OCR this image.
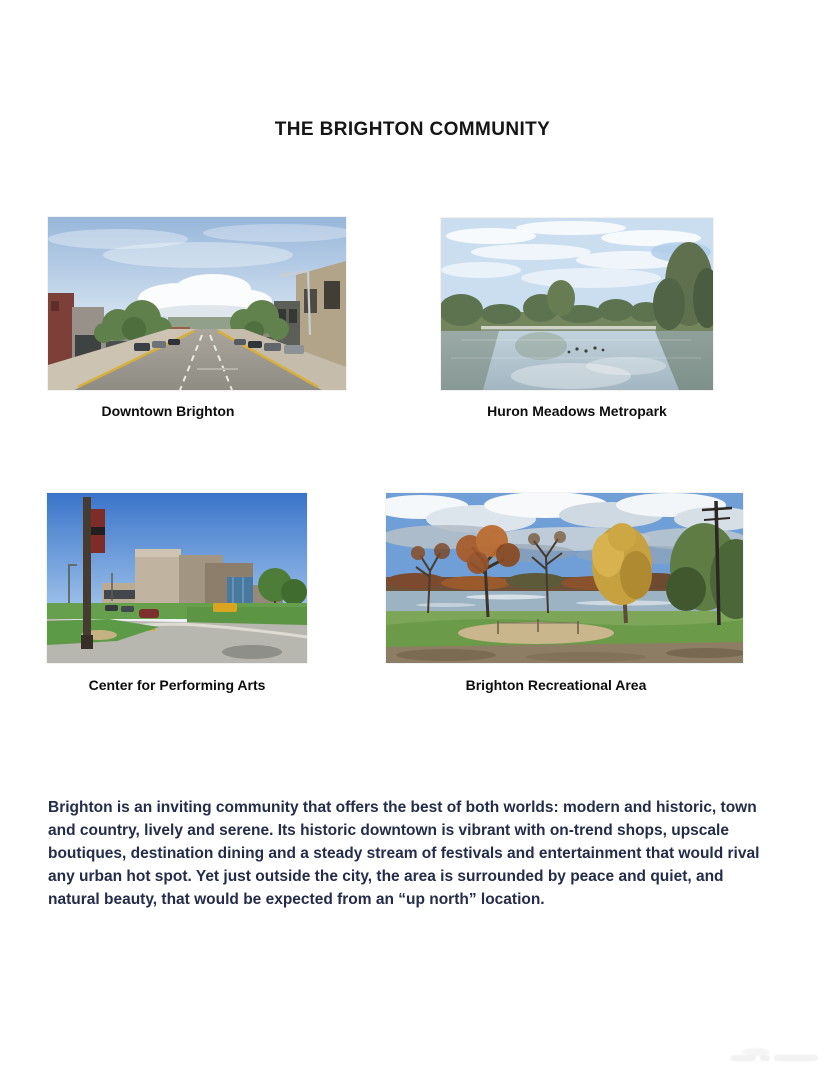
THE BRIGHTON COMMUNITY
Downtown Brighton	Huron Meadows Metropark
Center for Performing Arts	Brighton Recreational Area

Brighton is an inviting community that offers the best of both worlds: modern and historic, town and country, lively and serene. Its historic downtown is vibrant with on-trend shops, upscale boutiques, destination dining and a steady stream of festivals and entertainment that would rival any urban hot spot. Yet just outside the city, the area is surrounded by peace and quiet, and natural beauty, that would be expected from an “up north” location.
